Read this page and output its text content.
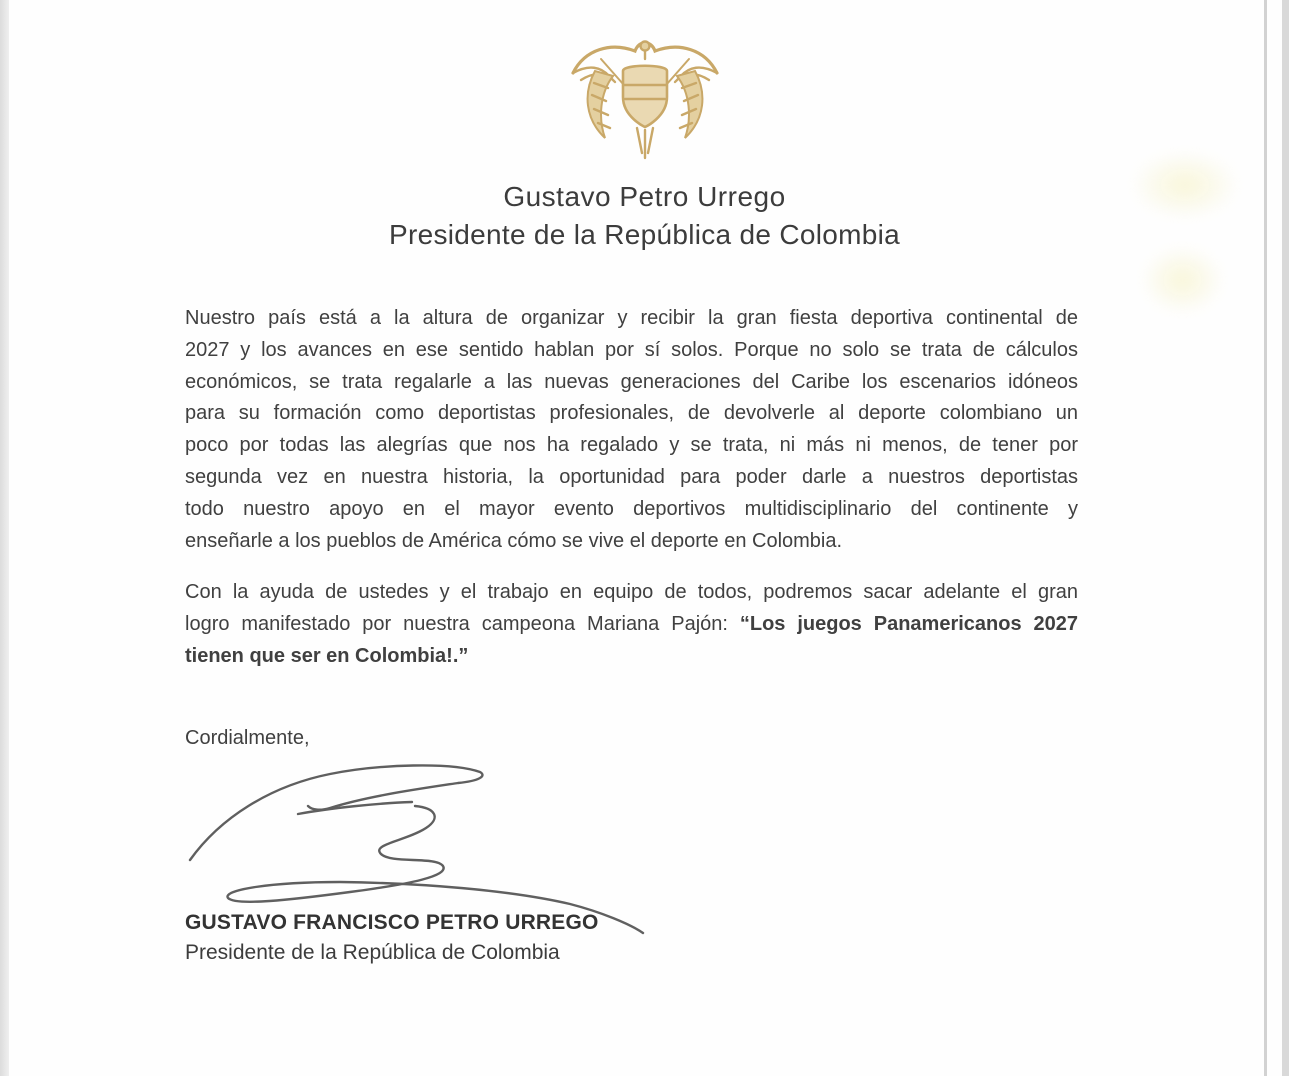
Gustavo Petro Urrego
Presidente de la República de Colombia
Nuestro país está a la altura de organizar y recibir la gran fiesta deportiva continental de
2027 y los avances en ese sentido hablan por sí solos. Porque no solo se trata de cálculos
económicos, se trata regalarle a las nuevas generaciones del Caribe los escenarios idóneos
para su formación como deportistas profesionales, de devolverle al deporte colombiano un
poco por todas las alegrías que nos ha regalado y se trata, ni más ni menos, de tener por
segunda vez en nuestra historia, la oportunidad para poder darle a nuestros deportistas
todo nuestro apoyo en el mayor evento deportivos multidisciplinario del continente y
enseñarle a los pueblos de América cómo se vive el deporte en Colombia.
Con la ayuda de ustedes y el trabajo en equipo de todos, podremos sacar adelante el gran
logro manifestado por nuestra campeona Mariana Pajón: “Los juegos Panamericanos 2027
tienen que ser en Colombia!.”
Cordialmente,
GUSTAVO FRANCISCO PETRO URREGO
Presidente de la República de Colombia
